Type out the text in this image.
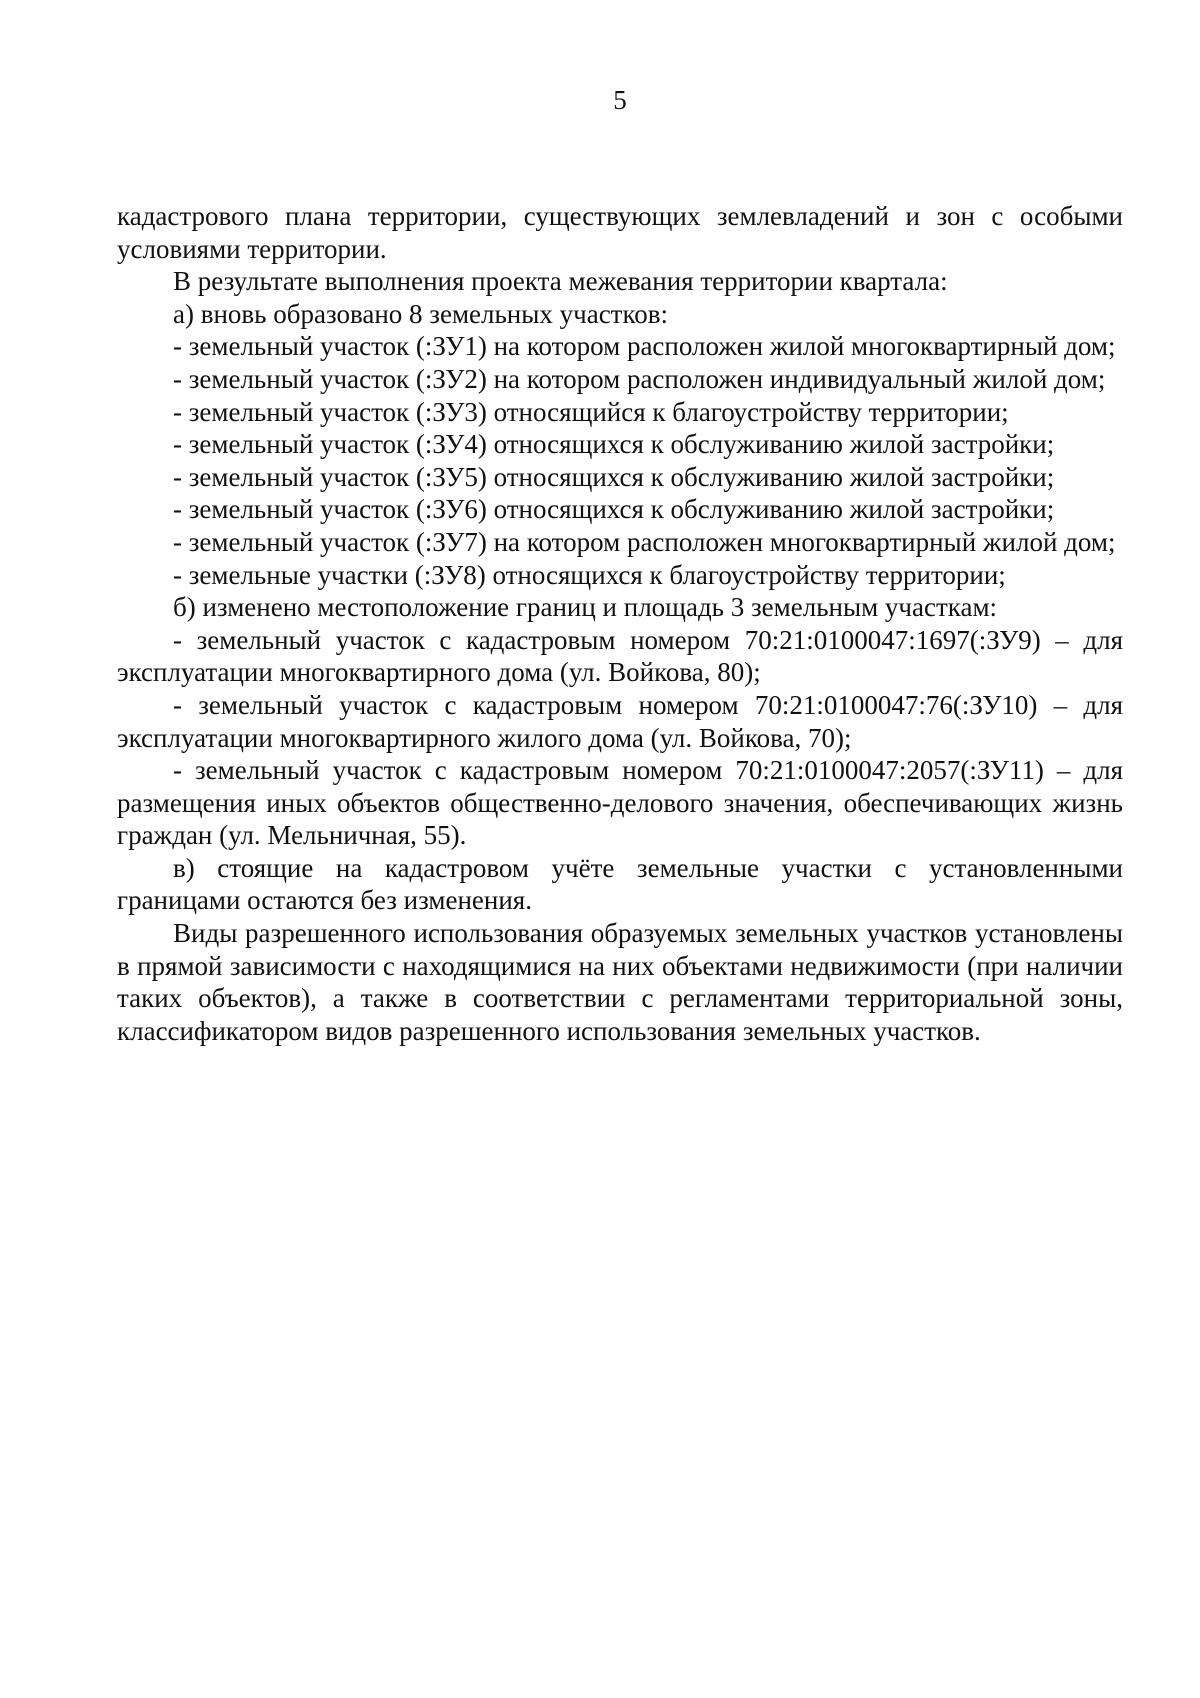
5

кадастрового плана территории, существующих землевладений и зон с особыми условиями территории.

В результате выполнения проекта межевания территории квартала:

а) вновь образовано 8 земельных участков:

- земельный участок (:ЗУ1) на котором расположен жилой многоквартирный дом;

- земельный участок (:ЗУ2) на котором расположен индивидуальный жилой дом;

- земельный участок (:ЗУ3) относящийся к благоустройству территории;

- земельный участок (:ЗУ4) относящихся к обслуживанию жилой застройки;

- земельный участок (:ЗУ5) относящихся к обслуживанию жилой застройки;

- земельный участок (:ЗУ6) относящихся к обслуживанию жилой застройки;

- земельный участок (:ЗУ7) на котором расположен многоквартирный жилой дом;

- земельные участки (:ЗУ8) относящихся к благоустройству территории;

б) изменено местоположение границ и площадь 3 земельным участкам:

- земельный участок с кадастровым номером 70:21:0100047:1697(:ЗУ9) – для эксплуатации многоквартирного дома (ул. Войкова, 80);

- земельный участок с кадастровым номером 70:21:0100047:76(:ЗУ10) – для эксплуатации многоквартирного жилого дома (ул. Войкова, 70);

- земельный участок с кадастровым номером 70:21:0100047:2057(:ЗУ11) – для размещения иных объектов общественно-делового значения, обеспечивающих жизнь граждан (ул. Мельничная, 55).

в) стоящие на кадастровом учёте земельные участки с установленными границами остаются без изменения.

Виды разрешенного использования образуемых земельных участков установлены в прямой зависимости с находящимися на них объектами недвижимости (при наличии таких объектов), а также в соответствии с регламентами территориальной зоны, классификатором видов разрешенного использования земельных участков.
